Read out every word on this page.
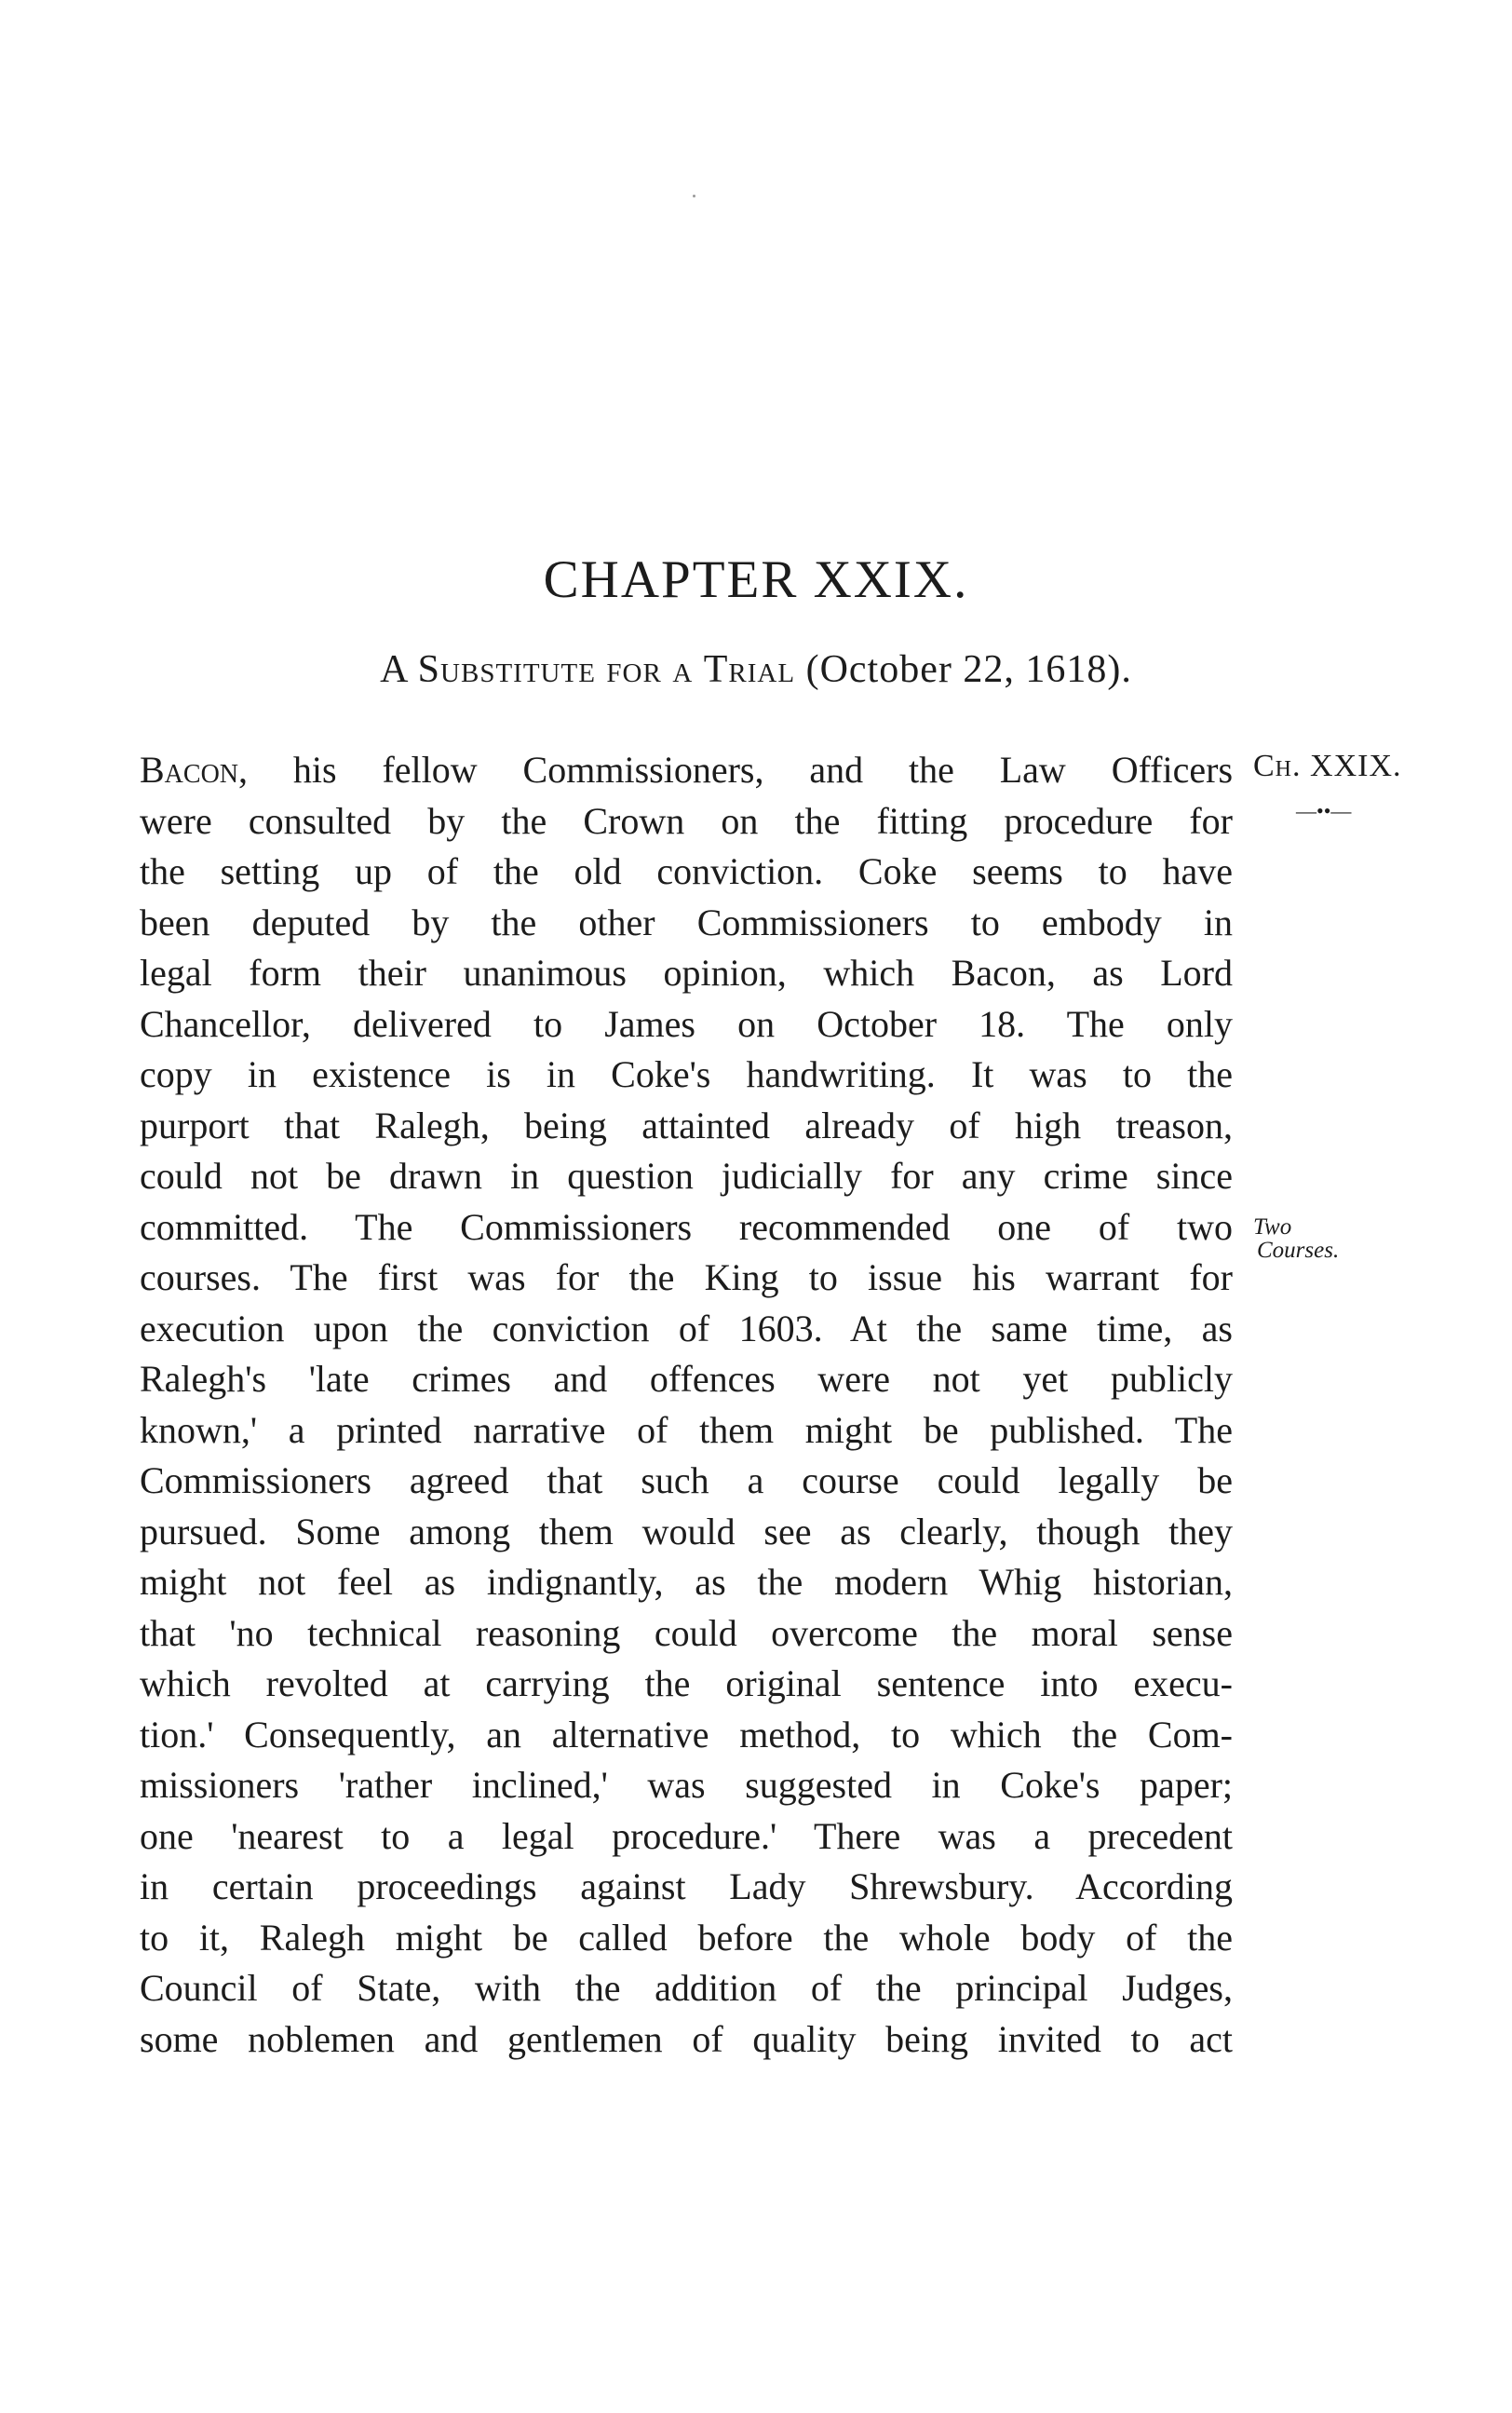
CHAPTER XXIX.
A Substitute for a Trial (October 22, 1618).
Ch. XXIX.
—••—
Two
Courses.
Bacon, his fellow Commissioners, and the Law Officers
were consulted by the Crown on the fitting procedure for
the setting up of the old conviction. Coke seems to have
been deputed by the other Commissioners to embody in
legal form their unanimous opinion, which Bacon, as Lord
Chancellor, delivered to James on October 18. The only
copy in existence is in Coke's handwriting. It was to the
purport that Ralegh, being attainted already of high treason,
could not be drawn in question judicially for any crime since
committed. The Commissioners recommended one of two
courses. The first was for the King to issue his warrant for
execution upon the conviction of 1603. At the same time, as
Ralegh's 'late crimes and offences were not yet publicly
known,' a printed narrative of them might be published. The
Commissioners agreed that such a course could legally be
pursued. Some among them would see as clearly, though they
might not feel as indignantly, as the modern Whig historian,
that 'no technical reasoning could overcome the moral sense
which revolted at carrying the original sentence into execu-
tion.' Consequently, an alternative method, to which the Com-
missioners 'rather inclined,' was suggested in Coke's paper;
one 'nearest to a legal procedure.' There was a precedent
in certain proceedings against Lady Shrewsbury. According
to it, Ralegh might be called before the whole body of the
Council of State, with the addition of the principal Judges,
some noblemen and gentlemen of quality being invited to act
